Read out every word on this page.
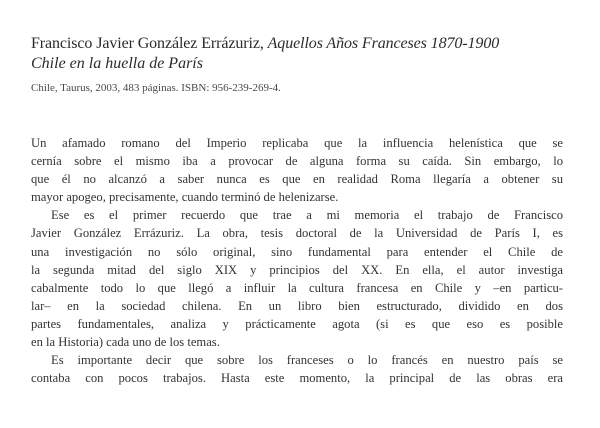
Francisco Javier González Errázuriz, Aquellos Años Franceses 1870-1900
Chile en la huella de París
Chile, Taurus, 2003, 483 páginas. ISBN: 956-239-269-4.
Un afamado romano del Imperio replicaba que la influencia helenística que se
cernía sobre el mismo iba a provocar de alguna forma su caída. Sin embargo, lo
que él no alcanzó a saber nunca es que en realidad Roma llegaría a obtener su
mayor apogeo, precisamente, cuando terminó de helenizarse.
Ese es el primer recuerdo que trae a mi memoria el trabajo de Francisco
Javier González Errázuriz. La obra, tesis doctoral de la Universidad de París I, es
una investigación no sólo original, sino fundamental para entender el Chile de
la segunda mitad del siglo XIX y principios del XX. En ella, el autor investiga
cabalmente todo lo que llegó a influir la cultura francesa en Chile y –en particu-
lar– en la sociedad chilena. En un libro bien estructurado, dividido en dos
partes fundamentales, analiza y prácticamente agota (si es que eso es posible
en la Historia) cada uno de los temas.
Es importante decir que sobre los franceses o lo francés en nuestro país se
contaba con pocos trabajos. Hasta este momento, la principal de las obras era
